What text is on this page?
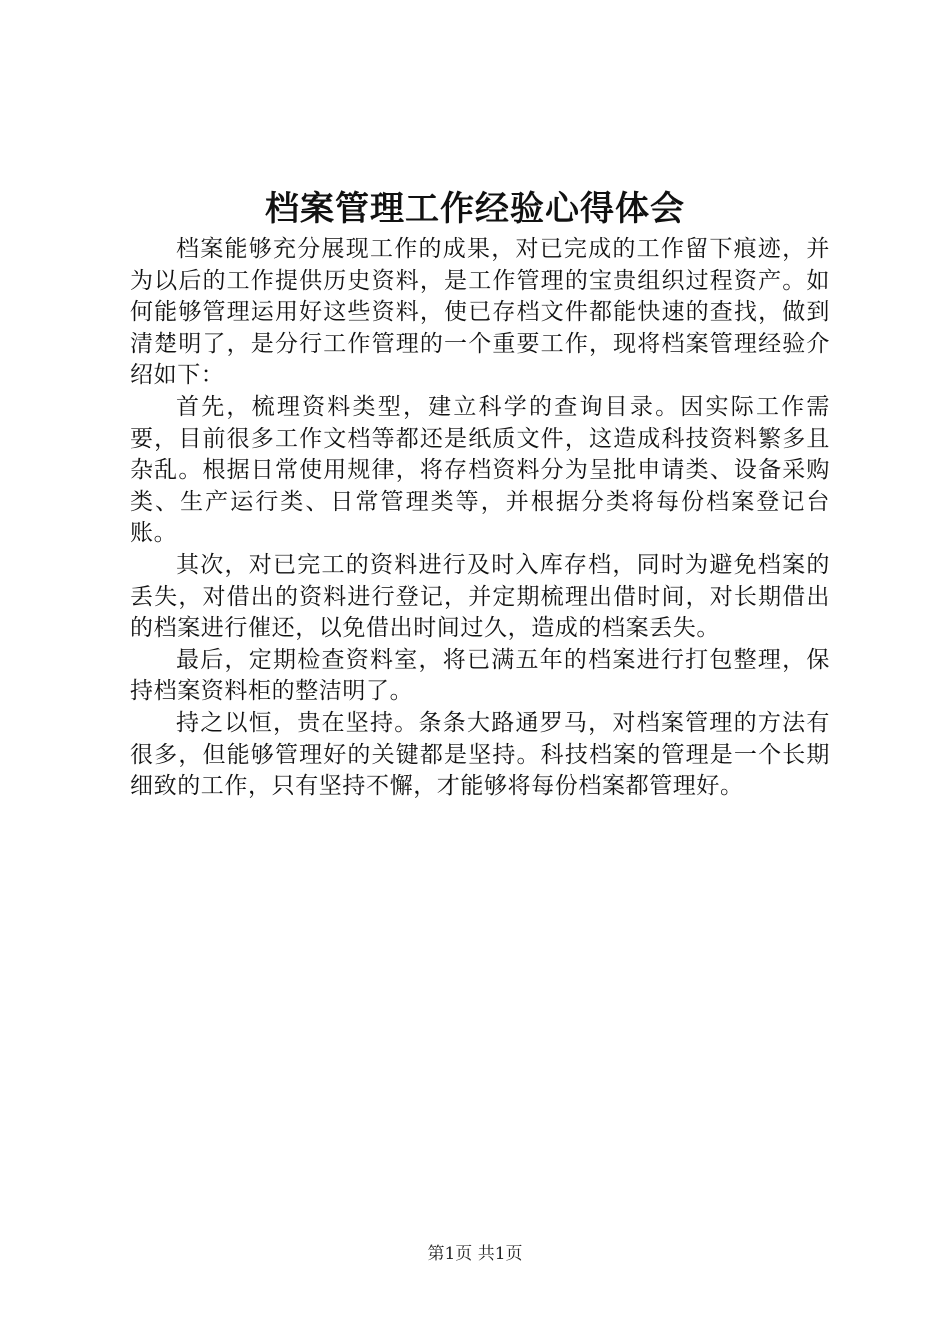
档案管理工作经验心得体会

档案能够充分展现工作的成果，对已完成的工作留下痕迹，并为以后的工作提供历史资料，是工作管理的宝贵组织过程资产。如何能够管理运用好这些资料，使已存档文件都能快速的查找，做到清楚明了，是分行工作管理的一个重要工作，现将档案管理经验介绍如下：

首先，梳理资料类型，建立科学的查询目录。因实际工作需要，目前很多工作文档等都还是纸质文件，这造成科技资料繁多且杂乱。根据日常使用规律，将存档资料分为呈批申请类、设备采购类、生产运行类、日常管理类等，并根据分类将每份档案登记台账。

其次，对已完工的资料进行及时入库存档，同时为避免档案的丢失，对借出的资料进行登记，并定期梳理出借时间，对长期借出的档案进行催还，以免借出时间过久，造成的档案丢失。

最后，定期检查资料室，将已满五年的档案进行打包整理，保持档案资料柜的整洁明了。

持之以恒，贵在坚持。条条大路通罗马，对档案管理的方法有很多，但能够管理好的关键都是坚持。科技档案的管理是一个长期细致的工作，只有坚持不懈，才能够将每份档案都管理好。

第1页 共1页
